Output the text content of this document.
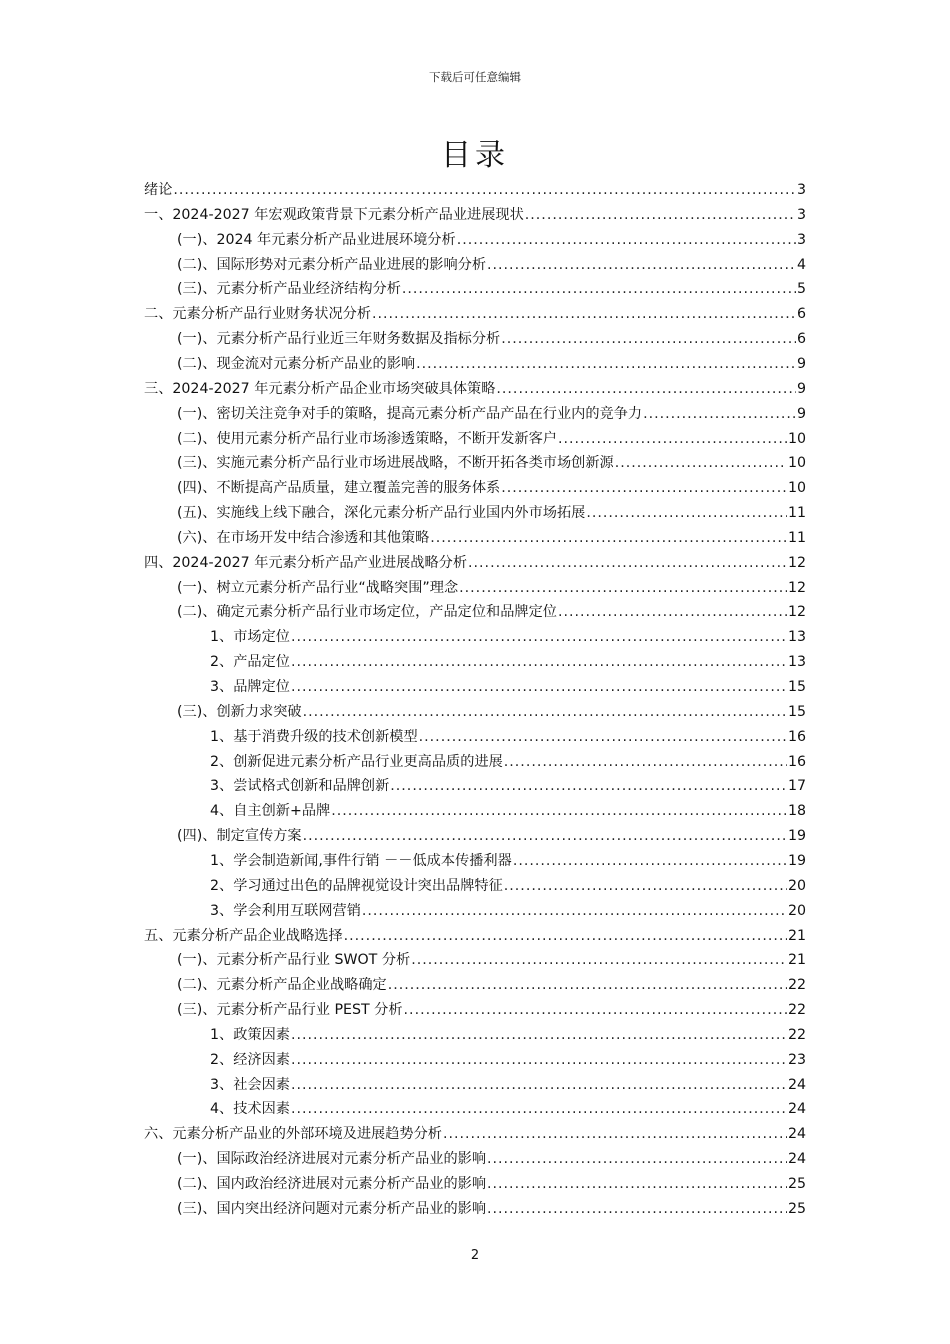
下载后可任意编辑
目录
绪论 .....	3
一、2024-2027 年宏观政策背景下元素分析产品业进展现状 .....	3
(一)、2024 年元素分析产品业进展环境分析 .....	3
(二)、国际形势对元素分析产品业进展的影响分析 .....	4
(三)、元素分析产品业经济结构分析 .....	5
二、元素分析产品行业财务状况分析 .....	6
(一)、元素分析产品行业近三年财务数据及指标分析 .....	6
(二)、现金流对元素分析产品业的影响 .....	9
三、2024-2027 年元素分析产品企业市场突破具体策略 .....	9
(一)、密切关注竞争对手的策略，提高元素分析产品产品在行业内的竞争力 .....	9
(二)、使用元素分析产品行业市场渗透策略，不断开发新客户 .....	10
(三)、实施元素分析产品行业市场进展战略，不断开拓各类市场创新源 .....	10
(四)、不断提高产品质量，建立覆盖完善的服务体系 .....	10
(五)、实施线上线下融合，深化元素分析产品行业国内外市场拓展 .....	11
(六)、在市场开发中结合渗透和其他策略 .....	11
四、2024-2027 年元素分析产品产业进展战略分析 .....	12
(一)、树立元素分析产品行业“战略突围”理念 .....	12
(二)、确定元素分析产品行业市场定位，产品定位和品牌定位 .....	12
1、市场定位 .....	13
2、产品定位 .....	13
3、品牌定位 .....	15
(三)、创新力求突破 .....	15
1、基于消费升级的技术创新模型 .....	16
2、创新促进元素分析产品行业更高品质的进展 .....	16
3、尝试格式创新和品牌创新 .....	17
4、自主创新+品牌 .....	18
(四)、制定宣传方案 .....	19
1、学会制造新闻,事件行销 －－低成本传播利器 .....	19
2、学习通过出色的品牌视觉设计突出品牌特征 .....	20
3、学会利用互联网营销 .....	20
五、元素分析产品企业战略选择 .....	21
(一)、元素分析产品行业 SWOT 分析 .....	21
(二)、元素分析产品企业战略确定 .....	22
(三)、元素分析产品行业 PEST 分析 .....	22
1、政策因素 .....	22
2、经济因素 .....	23
3、社会因素 .....	24
4、技术因素 .....	24
六、元素分析产品业的外部环境及进展趋势分析 .....	24
(一)、国际政治经济进展对元素分析产品业的影响 .....	24
(二)、国内政治经济进展对元素分析产品业的影响 .....	25
(三)、国内突出经济问题对元素分析产品业的影响 .....	25
2
